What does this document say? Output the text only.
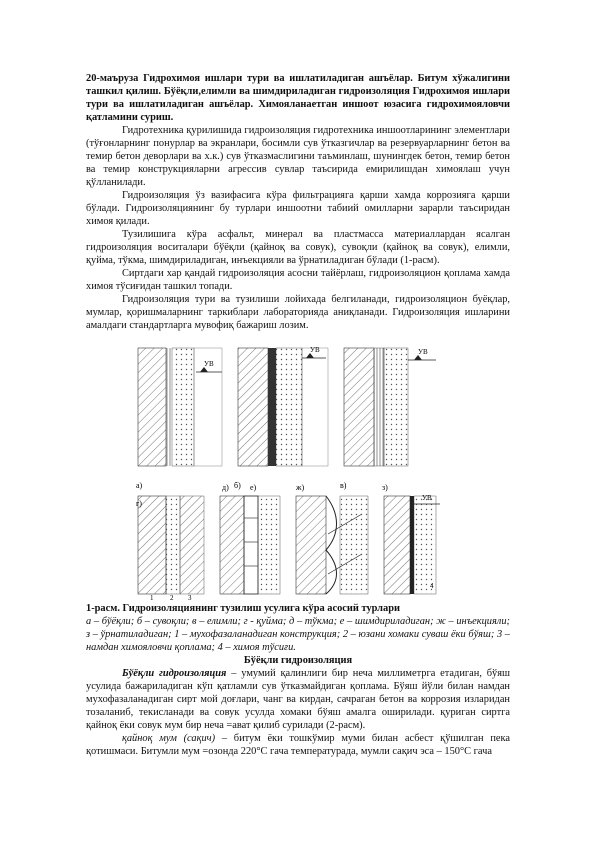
20-маъруза Гидрохимоя ишлари тури ва ишлатиладиган ашъёлар. Битум хўжалигини ташкил қилиш. Бўёқли,елимли ва шимдириладиган гидроизоляция Гидрохимоя ишлари тури ва ишлатиладиган ашъёлар. Химояланаетган иншоот юзасига гидрохимояловчи қатламини суриш.

Гидротехника қурилишида гидроизоляция гидротехника иншоотларининг элементлари (тўғонларнинг понурлар ва экранлари, босимли сув ўтказгичлар ва резервуарларнинг бетон ва темир бетон деворлари ва х.к.) сув ўтказмаслигини таъминлаш, шунингдек бетон, темир бетон ва темир конструкцияларни агрессив сувлар таъсирида емирилишдан химоялаш учун қўлланилади.

Гидроизоляция ўз вазифасига кўра фильтрацияга қарши хамда коррозияга қарши бўлади. Гидроизоляциянинг бу турлари иншоотни табиий омилларни зарарли таъсиридан химоя қилади.

Тузилишига кўра асфальт, минерал ва пластмасса материаллардан ясалган гидроизоляция воситалари бўёқли (қайноқ ва совук), сувоқли (қайноқ ва совук), елимли, қуйма, тўкма, шимдириладиган, инъекцияли ва ўрнатиладиган бўлади (1-расм).

Сиртдаги хар қандай гидроизоляция асосни тайёрлаш, гидроизоляцион қоплама хамда химоя тўсиғидан ташкил топади.

Гидроизоляция тури ва тузилиши лойихада белгиланади, гидроизоляцион буёқлар, мумлар, қоришмаларнинг таркиблари лабораторияда аниқланади. Гидроизоляция ишларини амалдаги стандартларга мувофиқ бажариш лозим.

УВ
УВ	УВ
а)	б)	в)
1 2 3
г)
д)	е)	ж)
УВ
4
з)

1-расм. Гидроизоляциянинг тузилиш усулига кўра асосий турлари

а – бўёқли; б – сувоқли; в – елимли; г - қуйма; д – тўкма; е – шимдириладиган; ж – инъекцияли; з – ўрнатиладиган; 1 – мухофазаланадиган конструкция; 2 – юзани хомаки суваш ёки бўяш; 3 – намдан химояловчи қоплама; 4 – химоя тўсиғи.

Бўёқли гидроизоляция

Бўёқли гидроизоляция – умумий қалинлиги бир неча миллиметрга етадиган, бўяш усулида бажариладиган кўп қатламли сув ўтказмайдиган қоплама. Бўяш йўли билан намдан мухофазаланадиган сирт мой доғлари, чанг ва кирдан, сачраган бетон ва коррозия изларидан тозаланиб, текисланади ва совук усулда хомаки бўяш амалга оширилади. қуриган сиртга қайноқ ёки совук мум бир неча =ават қилиб сурилади (2-расм).

қайноқ мум (сақич) – битум ёки тошкўмир муми билан асбест қўшилган пека қотишмаси. Битумли мум =озонда 220°С гача температурада, мумли сақич эса – 150°С гача
